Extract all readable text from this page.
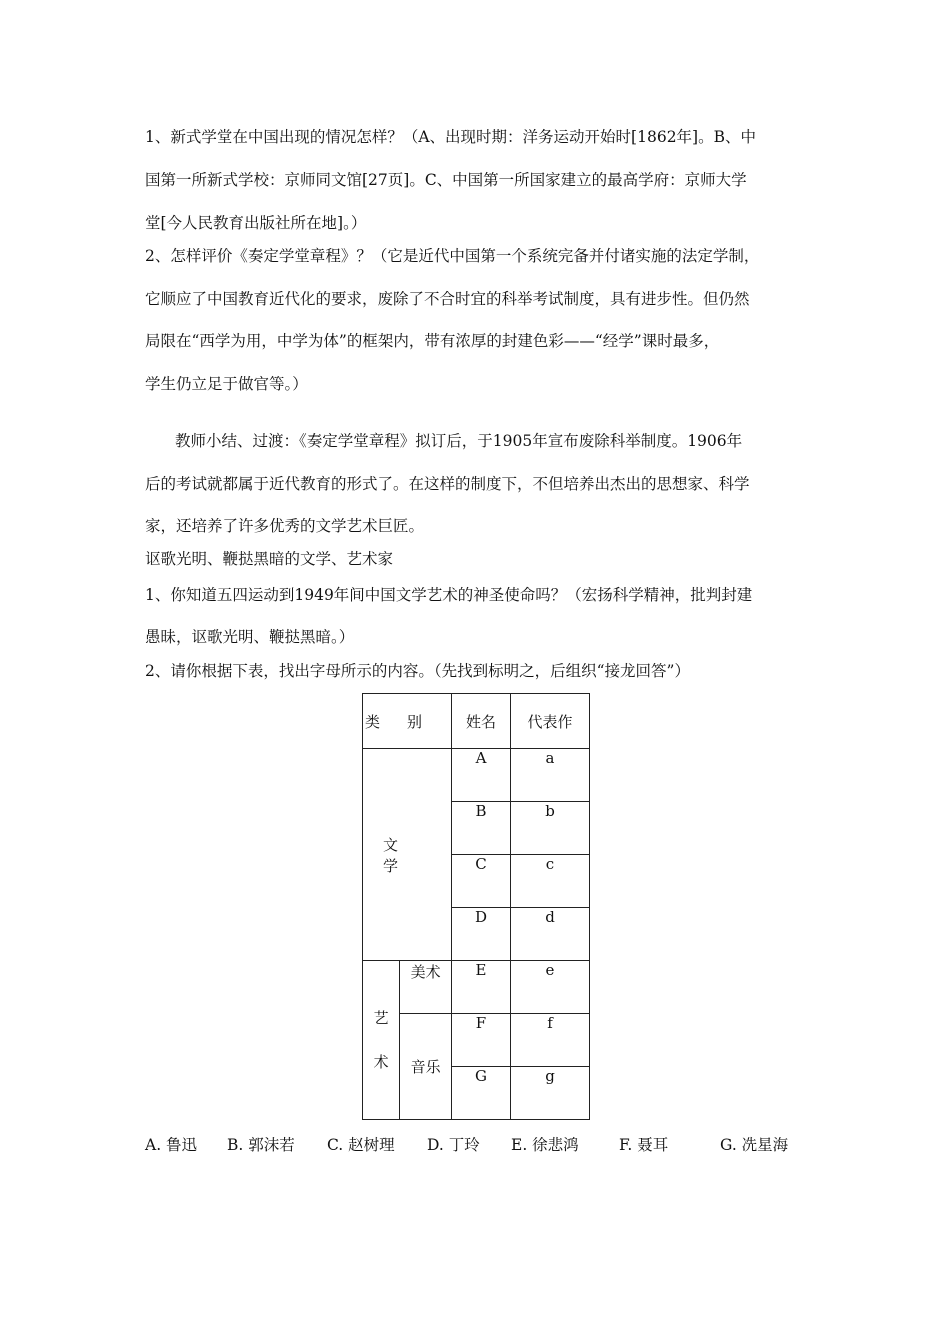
1、新式学堂在中国出现的情况怎样？（A、出现时期：洋务运动开始时[1862年]。B、中
国第一所新式学校：京师同文馆[27页]。C、中国第一所国家建立的最高学府：京师大学
堂[今人民教育出版社所在地]。）
2、怎样评价《奏定学堂章程》？（它是近代中国第一个系统完备并付诸实施的法定学制，
它顺应了中国教育近代化的要求，废除了不合时宜的科举考试制度，具有进步性。但仍然
局限在“西学为用，中学为体”的框架内，带有浓厚的封建色彩——“经学”课时最多，
学生仍立足于做官等。）
教师小结、过渡：《奏定学堂章程》拟订后，于1905年宣布废除科举制度。1906年
后的考试就都属于近代教育的形式了。在这样的制度下，不但培养出杰出的思想家、科学
家，还培养了许多优秀的文学艺术巨匠。
讴歌光明、鞭挞黑暗的文学、艺术家
1、你知道五四运动到1949年间中国文学艺术的神圣使命吗？（宏扬科学精神，批判封建
愚昧，讴歌光明、鞭挞黑暗。）
2、请你根据下表，找出字母所示的内容。（先找到标明之，后组织“接龙回答”）
类别		姓名	代表作
文学		A	a
		B	b
		C	c
		D	d

艺
术	美术	E	e
	音乐	F	f
		G	g
A. 鲁迅 B. 郭沫若 C. 赵树理 D. 丁玲 E. 徐悲鸿	F. 聂耳	G. 冼星海
